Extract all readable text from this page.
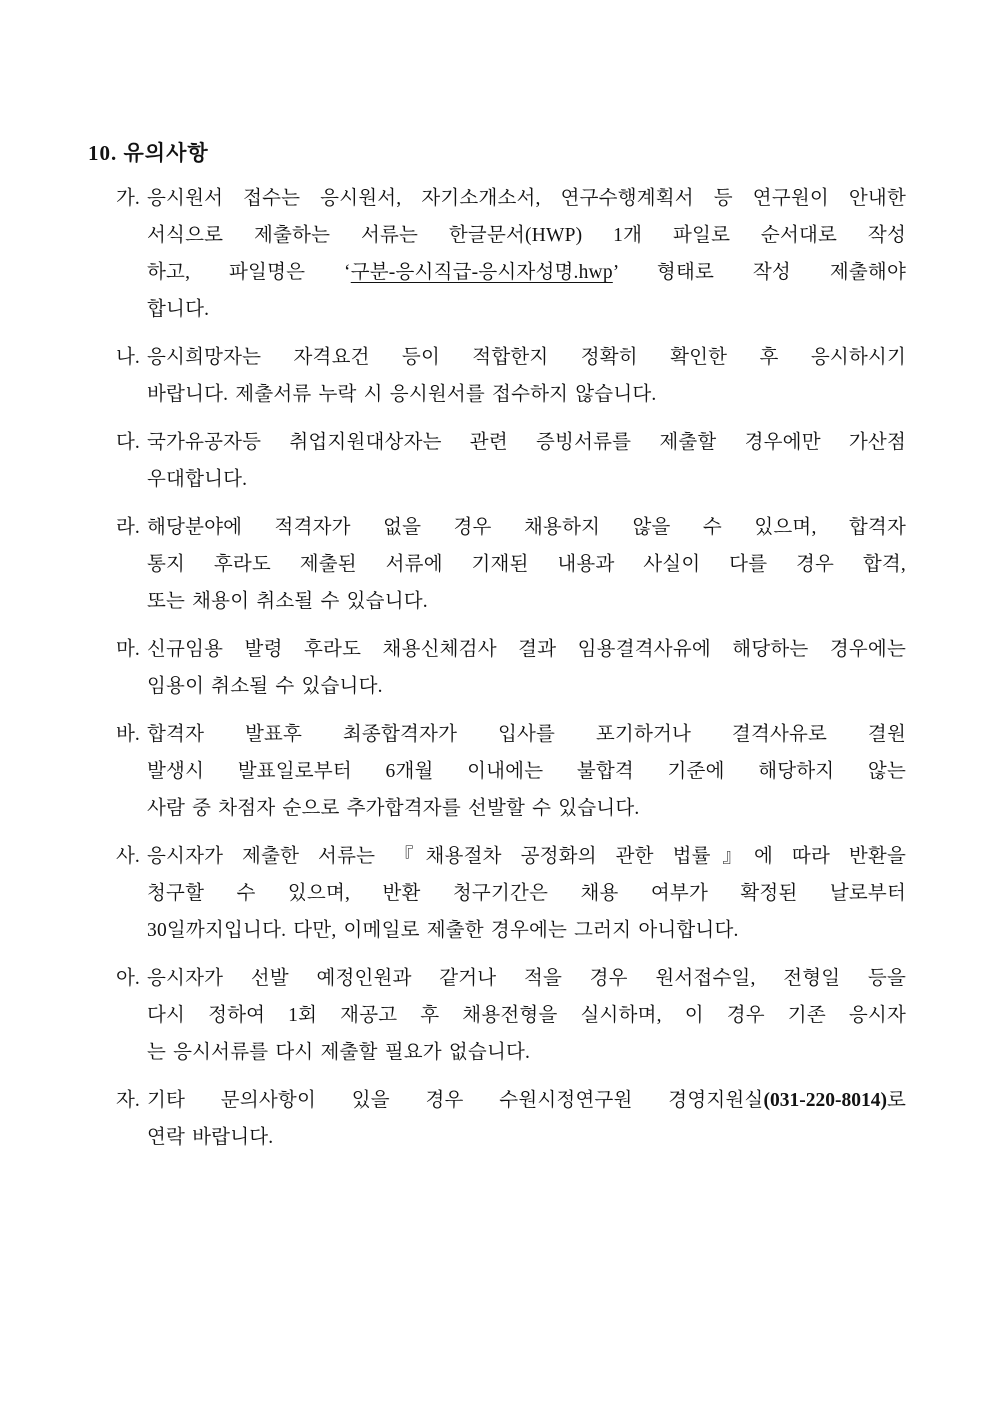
10. 유의사항
가. 응시원서 접수는 응시원서, 자기소개소서, 연구수행계획서 등 연구원이 안내한
서식으로 제출하는 서류는 한글문서(HWP) 1개 파일로 순서대로 작성
하고, 파일명은 ‘구분-응시직급-응시자성명.hwp’ 형태로 작성 제출해야
합니다.
나. 응시희망자는 자격요건 등이 적합한지 정확히 확인한 후 응시하시기
바랍니다. 제출서류 누락 시 응시원서를 접수하지 않습니다.
다. 국가유공자등 취업지원대상자는 관련 증빙서류를 제출할 경우에만 가산점
우대합니다.
라. 해당분야에 적격자가 없을 경우 채용하지 않을 수 있으며, 합격자
통지 후라도 제출된 서류에 기재된 내용과 사실이 다를 경우 합격,
또는 채용이 취소될 수 있습니다.
마. 신규임용 발령 후라도 채용신체검사 결과 임용결격사유에 해당하는 경우에는
임용이 취소될 수 있습니다.
바. 합격자 발표후 최종합격자가 입사를 포기하거나 결격사유로 결원
발생시 발표일로부터 6개월 이내에는 불합격 기준에 해당하지 않는
사람 중 차점자 순으로 추가합격자를 선발할 수 있습니다.
사. 응시자가 제출한 서류는 『채용절차 공정화의 관한 법률』에 따라 반환을
청구할 수 있으며, 반환 청구기간은 채용 여부가 확정된 날로부터
30일까지입니다. 다만, 이메일로 제출한 경우에는 그러지 아니합니다.
아. 응시자가 선발 예정인원과 같거나 적을 경우 원서접수일, 전형일 등을
다시 정하여 1회 재공고 후 채용전형을 실시하며, 이 경우 기존 응시자
는 응시서류를 다시 제출할 필요가 없습니다.
자. 기타 문의사항이 있을 경우 수원시정연구원 경영지원실(031-220-8014)로
연락 바랍니다.
